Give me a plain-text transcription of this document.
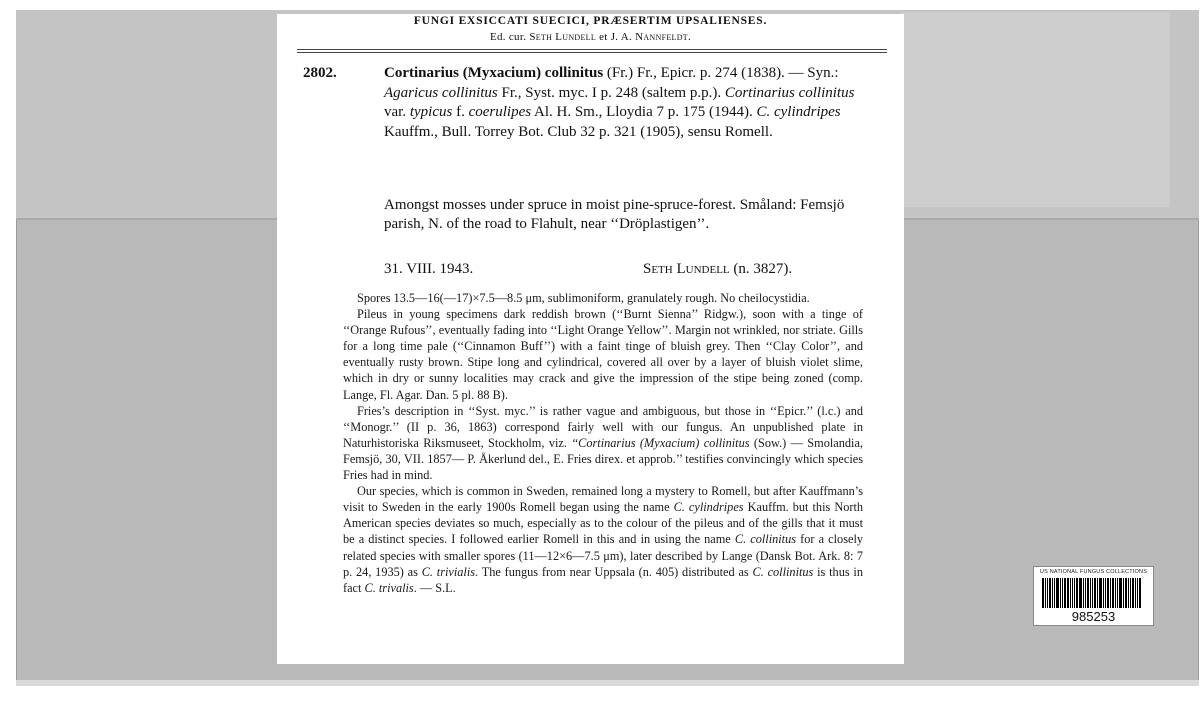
FUNGI EXSICCATI SUECICI, PRÆSERTIM UPSALIENSES.
Ed. cur. Seth Lundell et J. A. Nannfeldt.
2802.	Cortinarius (Myxacium) collinitus (Fr.) Fr., Epicr. p. 274 (1838). — Syn.: Agaricus collinitus Fr., Syst. myc. I p. 248 (saltem p.p.). Cortinarius collinitus var. typicus f. coerulipes Al. H. Sm., Lloydia 7 p. 175 (1944). C. cylindripes Kauffm., Bull. Torrey Bot. Club 32 p. 321 (1905), sensu Romell.

Amongst mosses under spruce in moist pine-spruce-forest. Småland: Femsjö parish, N. of the road to Flahult, near ‘‘Dröplastigen’’.

31. VIII. 1943.	Seth Lundell (n. 3827).

Spores 13.5—16(—17)×7.5—8.5 μm, sublimoniform, granulately rough. No cheilocystidia.

Pileus in young specimens dark reddish brown (‘‘Burnt Sienna’’ Ridgw.), soon with a tinge of ‘‘Orange Rufous’’, eventually fading into ‘‘Light Orange Yellow’’. Margin not wrinkled, nor striate. Gills for a long time pale (‘‘Cinnamon Buff’’) with a faint tinge of bluish grey. Then ‘‘Clay Color’’, and eventually rusty brown. Stipe long and cylindrical, covered all over by a layer of bluish violet slime, which in dry or sunny localities may crack and give the impression of the stipe being zoned (comp. Lange, Fl. Agar. Dan. 5 pl. 88 B).

Fries’s description in ‘‘Syst. myc.’’ is rather vague and ambiguous, but those in ‘‘Epicr.’’ (l.c.) and ‘‘Monogr.’’ (II p. 36, 1863) correspond fairly well with our fungus. An unpublished plate in Naturhistoriska Riksmuseet, Stockholm, viz. ‘‘Cortinarius (Myxacium) collinitus (Sow.) — Smolandia, Femsjö, 30, VII. 1857— P. Åkerlund del., E. Fries direx. et approb.’’ testifies convincingly which species Fries had in mind.

Our species, which is common in Sweden, remained long a mystery to Romell, but after Kauffmann’s visit to Sweden in the early 1900s Romell began using the name C. cylindripes Kauffm. but this North American species deviates so much, especially as to the colour of the pileus and of the gills that it must be a distinct species. I followed earlier Romell in this and in using the name C. collinitus for a closely related species with smaller spores (11—12×6—7.5 μm), later described by Lange (Dansk Bot. Ark. 8: 7 p. 24, 1935) as C. trivialis. The fungus from near Uppsala (n. 405) distributed as C. collinitus is thus in fact C. trivalis. — S.L.

US NATIONAL FUNGUS COLLECTIONS
985253
